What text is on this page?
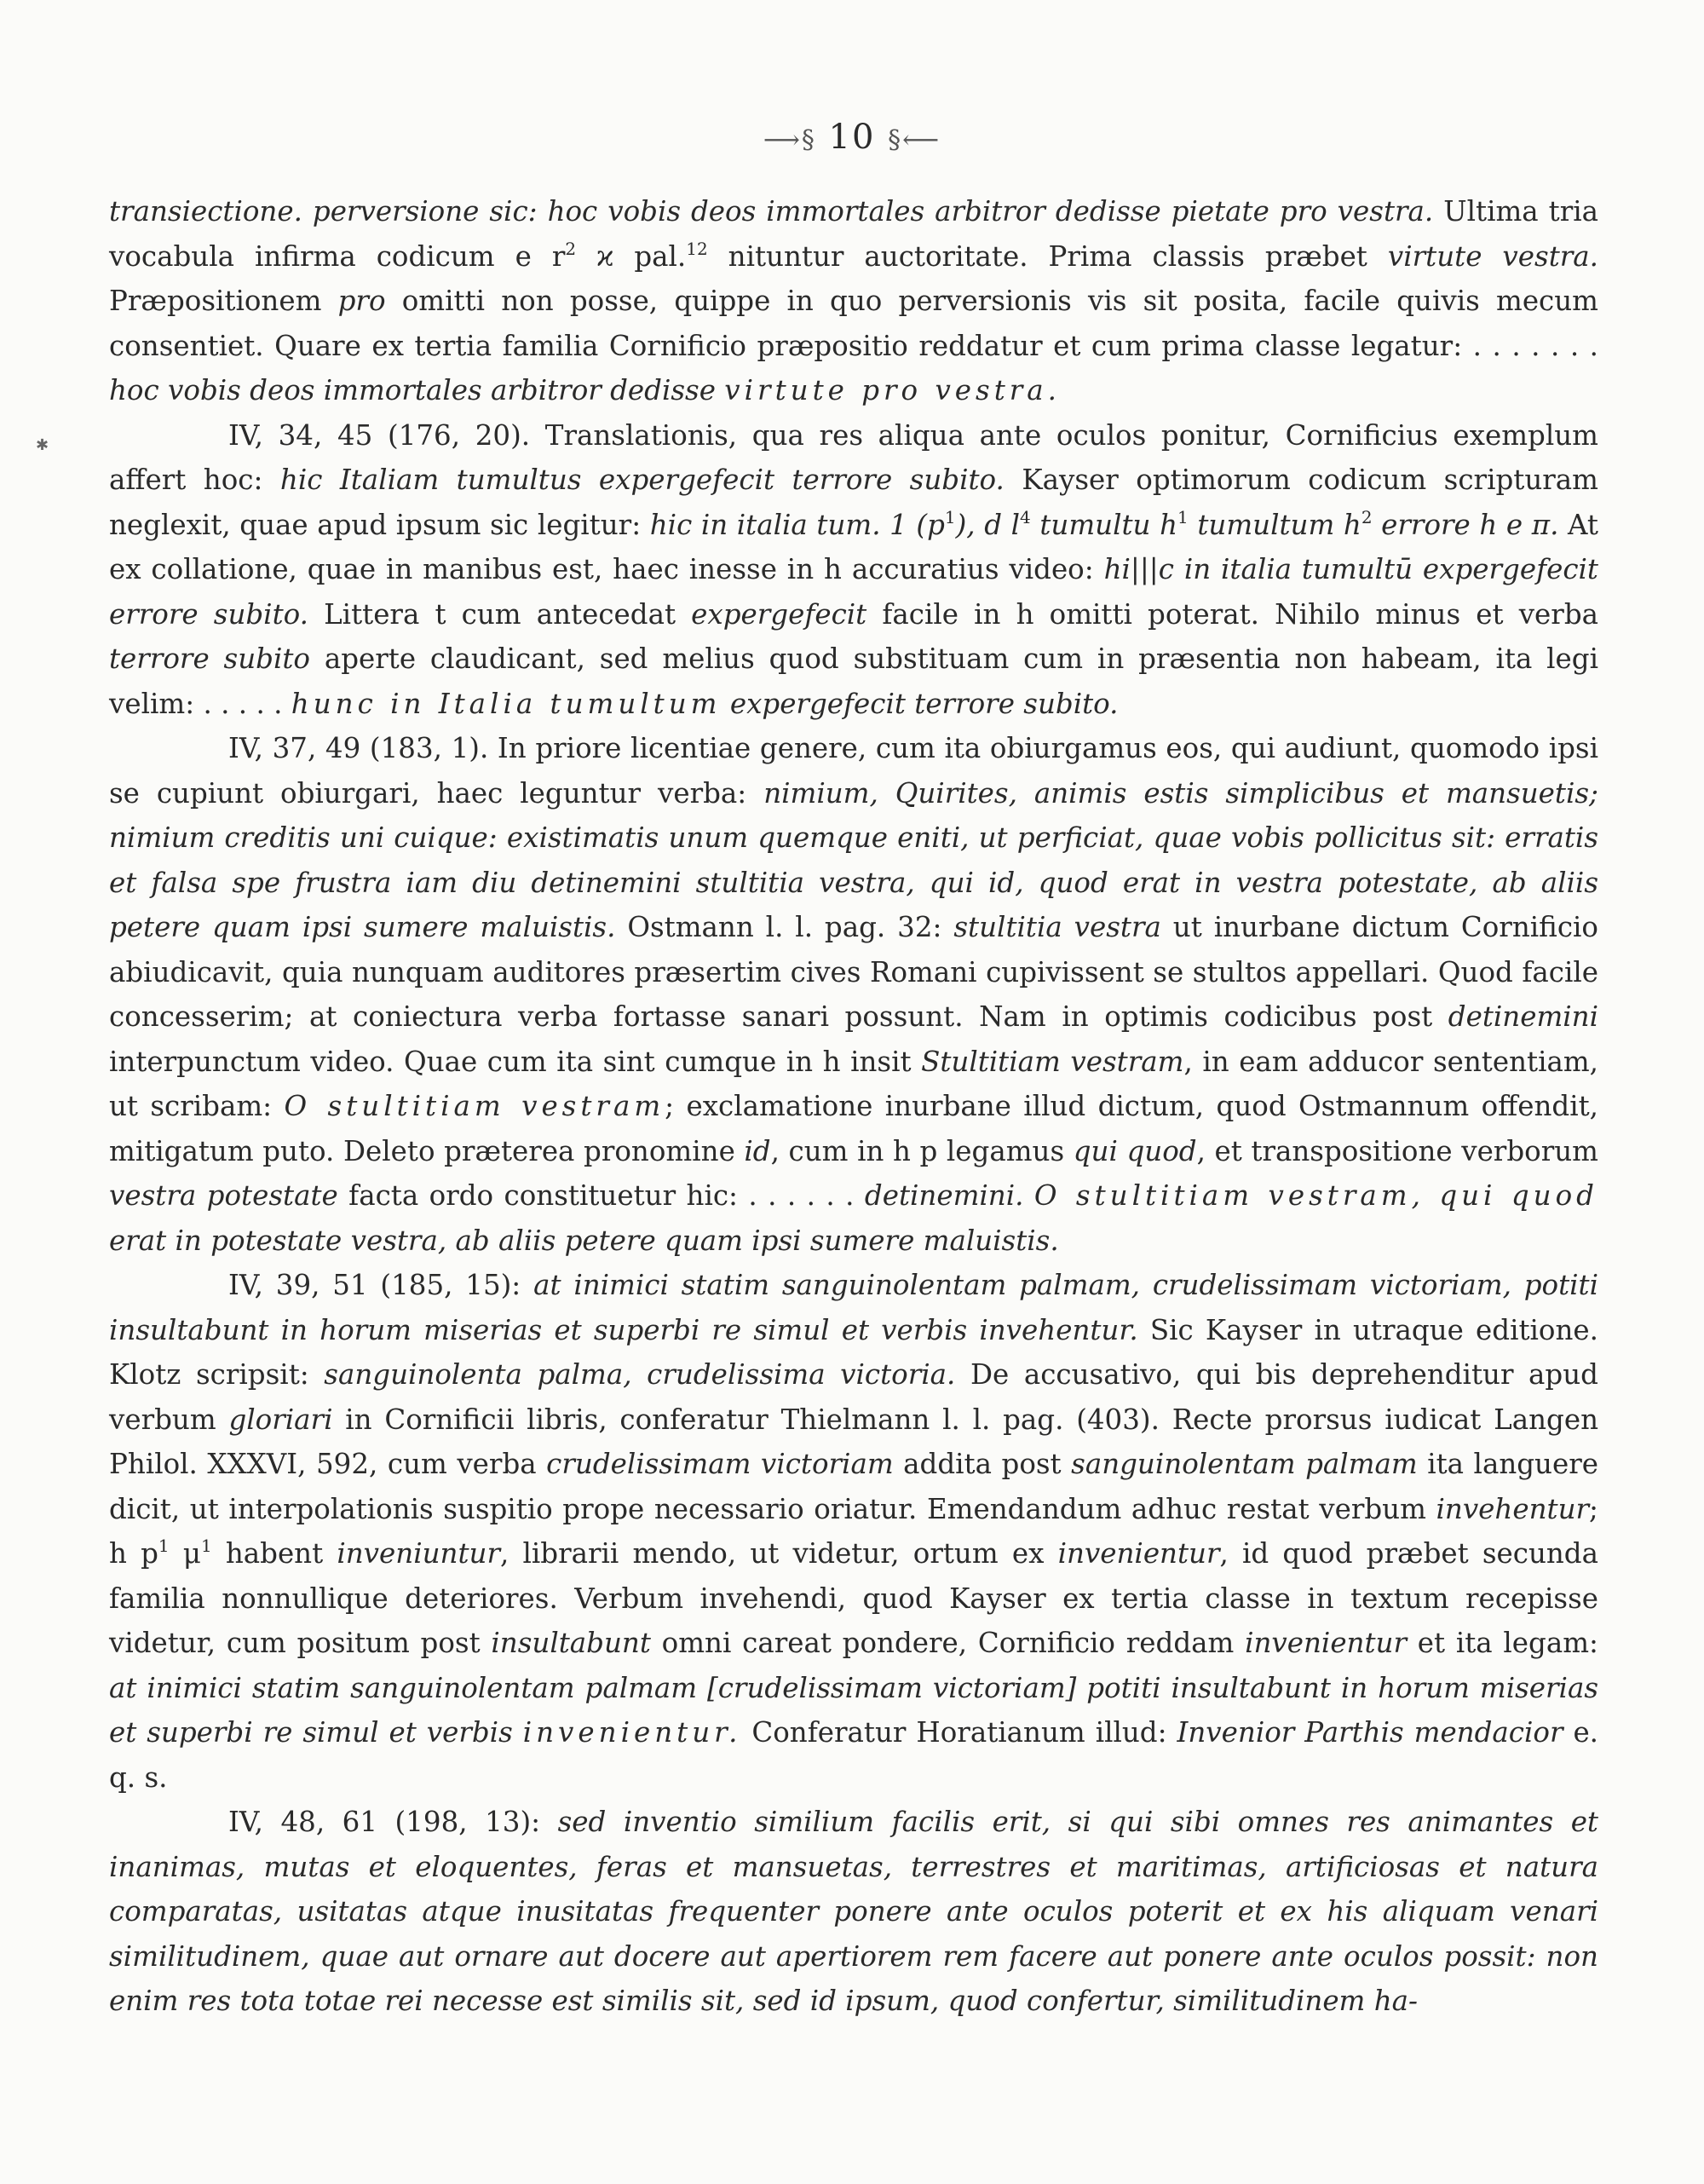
⟶§ 10 §⟵
✱

transiectione. perversione sic: hoc vobis deos immortales arbitror dedisse pietate pro vestra. Ultima tria vocabula infirma codicum e $r^2$ ϰ pal.$^{12}$ nituntur auctoritate. Prima classis præbet virtute vestra. Præpositionem pro omitti non posse, quippe in quo perversionis vis sit posita, facile quivis mecum consentiet. Quare ex tertia familia Cornificio præpositio reddatur et cum prima classe legatur: . . . . . . . hoc vobis deos immortales arbitror dedisse virtute pro vestra.

IV, 34, 45 (176, 20). Translationis, qua res aliqua ante oculos ponitur, Cornificius exemplum affert hoc: hic Italiam tumultus expergefecit terrore subito. Kayser optimorum codicum scripturam neglexit, quae apud ipsum sic legitur: hic in italia tum. 1 $(p^1)$, d $l^4$ tumultu $h^1$ tumultum $h^2$ errore h e π. At ex collatione, quae in manibus est, haec inesse in h accuratius video: hi|||c in italia tumultū expergefecit errore subito. Littera t cum antecedat expergefecit facile in h omitti poterat. Nihilo minus et verba terrore subito aperte claudicant, sed melius quod substituam cum in præsentia non habeam, ita legi velim: . . . . . hunc in Italia tumultum expergefecit terrore subito.

IV, 37, 49 (183, 1). In priore licentiae genere, cum ita obiurgamus eos, qui audiunt, quomodo ipsi se cupiunt obiurgari, haec leguntur verba: nimium, Quirites, animis estis simplicibus et mansuetis; nimium creditis uni cuique: existimatis unum quemque eniti, ut perficiat, quae vobis pollicitus sit: erratis et falsa spe frustra iam diu detinemini stultitia vestra, qui id, quod erat in vestra potestate, ab aliis petere quam ipsi sumere maluistis. Ostmann l. l. pag. 32: stultitia vestra ut inurbane dictum Cornificio abiudicavit, quia nunquam auditores præsertim cives Romani cupivissent se stultos appellari. Quod facile concesserim; at coniectura verba fortasse sanari possunt. Nam in optimis codicibus post detinemini interpunctum video. Quae cum ita sint cumque in h insit Stultitiam vestram, in eam adducor sententiam, ut scribam: O stultitiam vestram; exclamatione inurbane illud dictum, quod Ostmannum offendit, mitigatum puto. Deleto præterea pronomine id, cum in h p legamus qui quod, et transpositione verborum vestra potestate facta ordo constituetur hic: . . . . . . detinemini. O stultitiam vestram, qui quod erat in potestate vestra, ab aliis petere quam ipsi sumere maluistis.

IV, 39, 51 (185, 15): at inimici statim sanguinolentam palmam, crudelissimam victoriam, potiti insultabunt in horum miserias et superbi re simul et verbis invehentur. Sic Kayser in utraque editione. Klotz scripsit: sanguinolenta palma, crudelissima victoria. De accusativo, qui bis deprehenditur apud verbum gloriari in Cornificii libris, conferatur Thielmann l. l. pag. (403). Recte prorsus iudicat Langen Philol. XXXVI, 592, cum verba crudelissimam victoriam addita post sanguinolentam palmam ita languere dicit, ut interpolationis suspitio prope necessario oriatur. Emendandum adhuc restat verbum invehentur; h $p^1$ $\mu^1$ habent inveniuntur, librarii mendo, ut videtur, ortum ex invenientur, id quod præbet secunda familia nonnullique deteriores. Verbum invehendi, quod Kayser ex tertia classe in textum recepisse videtur, cum positum post insultabunt omni careat pondere, Cornificio reddam invenientur et ita legam: at inimici statim sanguinolentam palmam [crudelissimam victoriam] potiti insultabunt in horum miserias et superbi re simul et verbis invenientur. Conferatur Horatianum illud: Invenior Parthis mendacior e. q. s.

IV, 48, 61 (198, 13): sed inventio similium facilis erit, si qui sibi omnes res animantes et inanimas, mutas et eloquentes, feras et mansuetas, terrestres et maritimas, artificiosas et natura comparatas, usitatas atque inusitatas frequenter ponere ante oculos poterit et ex his aliquam venari similitudinem, quae aut ornare aut docere aut apertiorem rem facere aut ponere ante oculos possit: non enim res tota totae rei necesse est similis sit, sed id ipsum, quod confertur, similitudinem ha-
